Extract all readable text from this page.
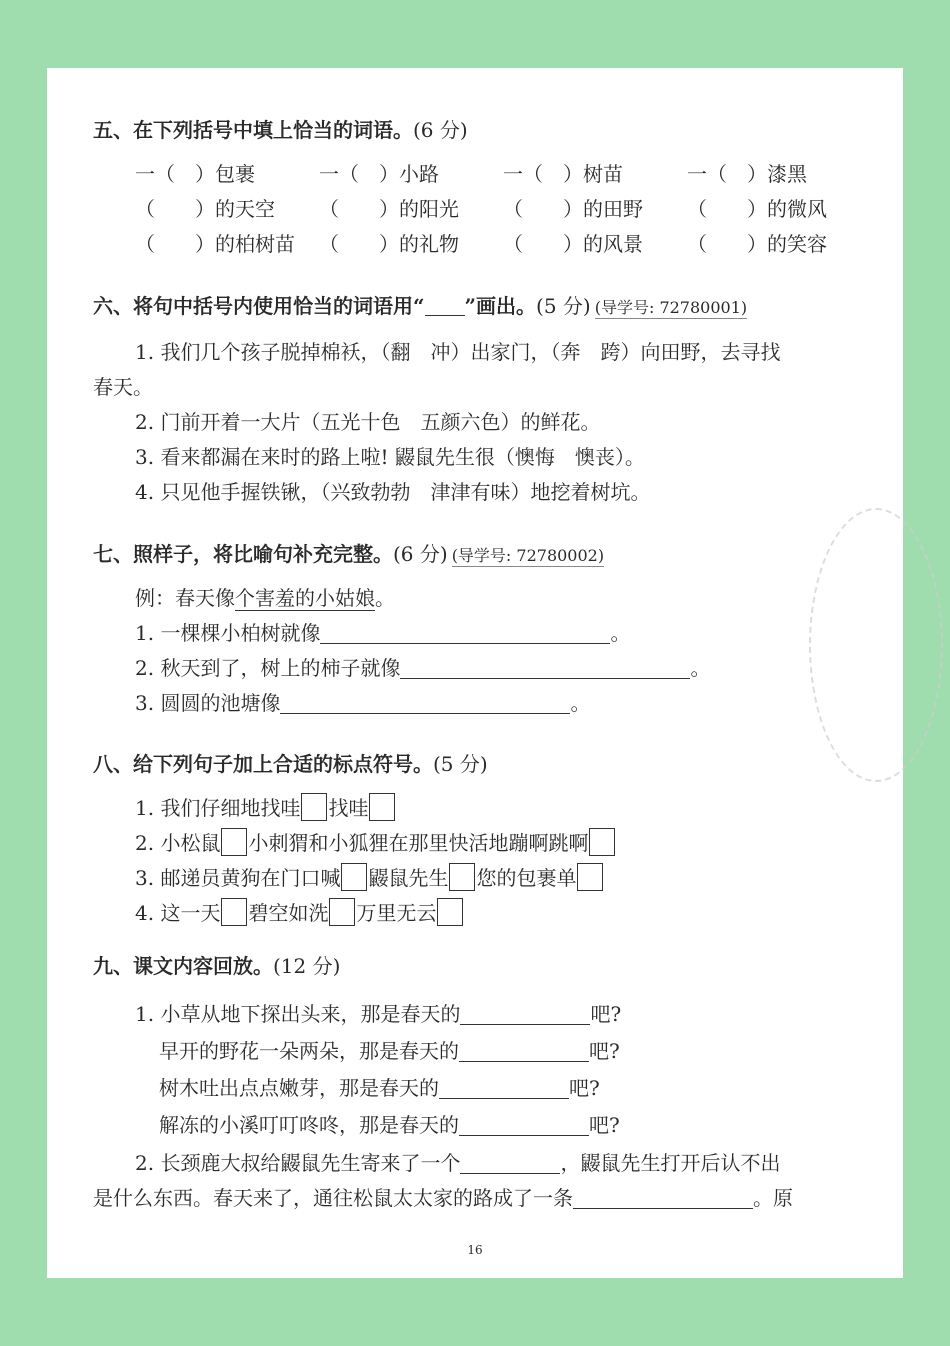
五、在下列括号中填上恰当的词语。(6 分)
一（　）包裹	一（　）小路	一（　）树苗	一（　）漆黑
（　　）的天空 （　　）的阳光 （　　）的田野 （　　）的微风
（　　）的柏树苗 （　　）的礼物 （　　）的风景 （　　）的笑容
六、将句中括号内使用恰当的词语用“ ”画出。(5 分) (导学号: 72780001)
1. 我们几个孩子脱掉棉袄，（翻　冲）出家门，（奔　跨）向田野，去寻找
春天。
2. 门前开着一大片（五光十色　五颜六色）的鲜花。
3. 看来都漏在来时的路上啦! 鼹鼠先生很（懊悔　懊丧）。
4. 只见他手握铁锹，（兴致勃勃　津津有味）地挖着树坑。
七、照样子，将比喻句补充完整。(6 分) (导学号: 72780002)
例：春天像个害羞的小姑娘。
1. 一棵棵小柏树就像	。
2. 秋天到了，树上的柿子就像	。
3. 圆圆的池塘像	。
八、给下列句子加上合适的标点符号。(5 分)
1. 我们仔细地找哇 找哇
2. 小松鼠 小刺猬和小狐狸在那里快活地蹦啊跳啊
3. 邮递员黄狗在门口喊 鼹鼠先生 您的包裹单
4. 这一天 碧空如洗 万里无云
九、课文内容回放。(12 分)
1. 小草从地下探出头来，那是春天的	吧?
早开的野花一朵两朵，那是春天的	吧?
树木吐出点点嫩芽，那是春天的	吧?
解冻的小溪叮叮咚咚，那是春天的	吧?
2. 长颈鹿大叔给鼹鼠先生寄来了一个	，鼹鼠先生打开后认不出
是什么东西。春天来了，通往松鼠太太家的路成了一条	。原
16
